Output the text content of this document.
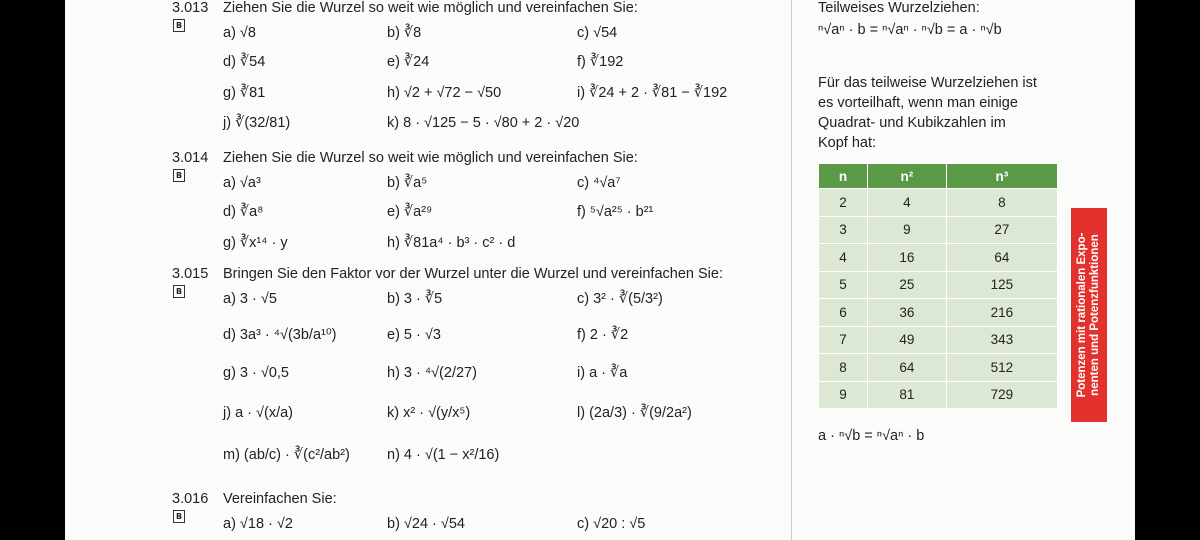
3.013 Ziehen Sie die Wurzel so weit wie möglich und vereinfachen Sie:
B	a) √8	b) ∛8	c) √54
d) ∛54	e) ∛24	f) ∛192
g) ∛81	h) √2 + √72 − √50	i) ∛24 + 2 · ∛81 − ∛192
j) ∛(32/81)	k) 8 · √125 − 5 · √80 + 2 · √20
3.014 Ziehen Sie die Wurzel so weit wie möglich und vereinfachen Sie:
B	a) √a³	b) ∛a⁵	c) ⁴√a⁷
d) ∛a⁸	e) ∛a²⁹	f) ⁵√a²⁵ · b²¹
g) ∛x¹⁴ · y	h) ∛81a⁴ · b³ · c² · d
3.015 Bringen Sie den Faktor vor der Wurzel unter die Wurzel und vereinfachen Sie:
B	a) 3 · √5	b) 3 · ∛5	c) 3² · ∛(5/3²)
d) 3a³ · ⁴√(3b/a¹⁰)	e) 5 · √3	f) 2 · ∛2
g) 3 · √0,5	h) 3 · ⁴√(2/27)	i) a · ∛a
j) a · √(x/a)	k) x² · √(y/x⁵)	l) (2a/3) · ∛(9/2a²)
m) (ab/c) · ∛(c²/ab²)	n) 4 · √(1 − x²/16)
3.016 Vereinfachen Sie:
B	a) √18 · √2	b) √24 · √54	c) √20 : √5
Teilweises Wurzelziehen:
ⁿ√aⁿ · b = ⁿ√aⁿ · ⁿ√b = a · ⁿ√b
Für das teilweise Wurzelziehen ist
es vorteilhaft, wenn man einige
Quadrat- und Kubikzahlen im
Kopf hat:
n	n²	n³
2	4	8
3	9	27
4	16	64
5	25	125
6	36	216
7	49	343
8	64	512
9	81	729
a · ⁿ√b = ⁿ√aⁿ · b
Potenzen mit rationalen Expo-
nenten und Potenzfunktionen
